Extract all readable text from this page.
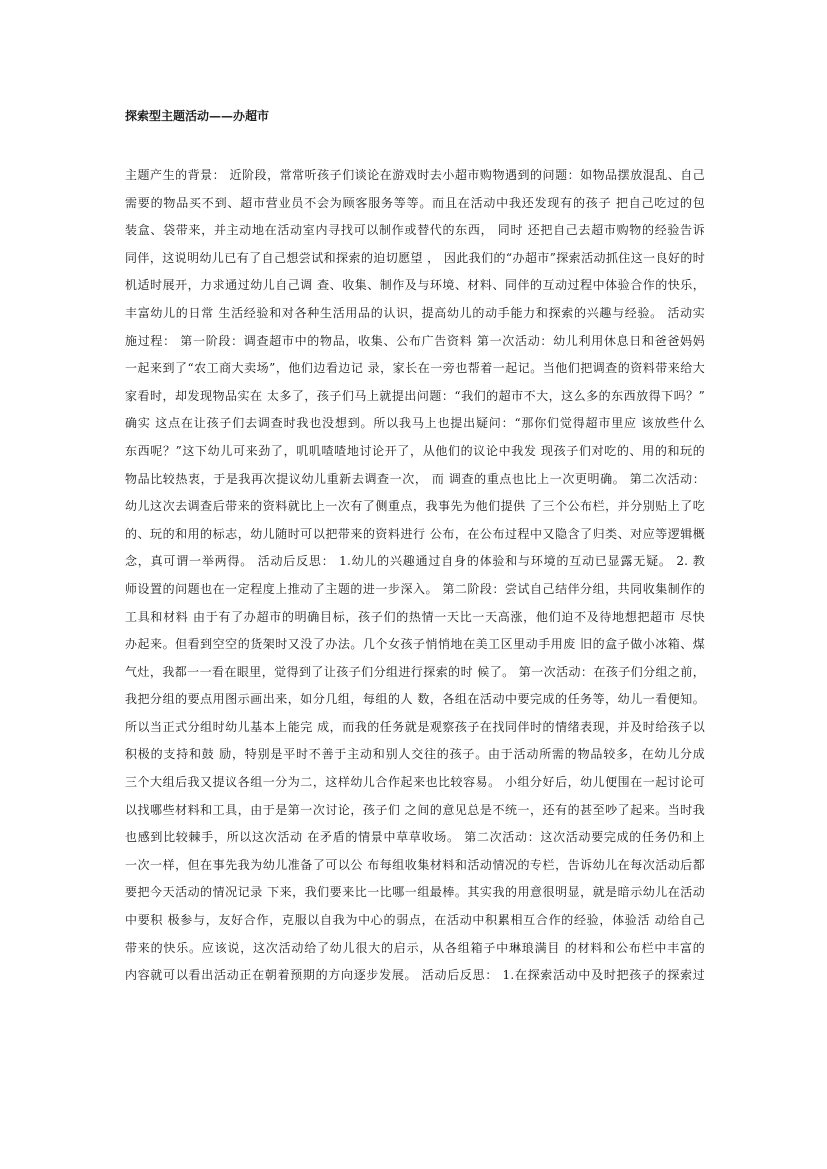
探索型主题活动——办超市
主题产生的背景： 近阶段，常常听孩子们谈论在游戏时去小超市购物遇到的问题：如物品摆放混乱、自己
需要的物品买不到、超市营业员不会为顾客服务等等。而且在活动中我还发现有的孩子 把自己吃过的包
装盒、袋带来，并主动地在活动室内寻找可以制作或替代的东西， 同时 还把自己去超市购物的经验告诉
同伴，这说明幼儿已有了自己想尝试和探索的迫切愿望 ， 因此我们的“办超市”探索活动抓住这一良好的时
机适时展开，力求通过幼儿自己调 查、收集、制作及与环境、材料、同伴的互动过程中体验合作的快乐，
丰富幼儿的日常 生活经验和对各种生活用品的认识，提高幼儿的动手能力和探索的兴趣与经验。 活动实
施过程： 第一阶段：调查超市中的物品，收集、公布广告资料 第一次活动：幼儿利用休息日和爸爸妈妈
一起来到了“农工商大卖场”，他们边看边记 录，家长在一旁也帮着一起记。当他们把调查的资料带来给大
家看时，却发现物品实在 太多了，孩子们马上就提出问题：“我们的超市不大，这么多的东西放得下吗？”
确实 这点在让孩子们去调查时我也没想到。所以我马上也提出疑问：“那你们觉得超市里应 该放些什么
东西呢？”这下幼儿可来劲了，叽叽喳喳地讨论开了，从他们的议论中我发 现孩子们对吃的、用的和玩的
物品比较热衷，于是我再次提议幼儿重新去调查一次， 而 调查的重点也比上一次更明确。 第二次活动：
幼儿这次去调查后带来的资料就比上一次有了侧重点，我事先为他们提供 了三个公布栏，并分别贴上了吃
的、玩的和用的标志，幼儿随时可以把带来的资料进行 公布，在公布过程中又隐含了归类、对应等逻辑概
念，真可谓一举两得。 活动后反思： 1.幼儿的兴趣通过自身的体验和与环境的互动已显露无疑。 2. 教
师设置的问题也在一定程度上推动了主题的进一步深入。 第二阶段：尝试自己结伴分组，共同收集制作的
工具和材料 由于有了办超市的明确目标，孩子们的热情一天比一天高涨，他们迫不及待地想把超市 尽快
办起来。但看到空空的货架时又没了办法。几个女孩子悄悄地在美工区里动手用废 旧的盒子做小冰箱、煤
气灶，我都一一看在眼里，觉得到了让孩子们分组进行探索的时 候了。 第一次活动：在孩子们分组之前，
我把分组的要点用图示画出来，如分几组，每组的人 数，各组在活动中要完成的任务等，幼儿一看便知。
所以当正式分组时幼儿基本上能完 成，而我的任务就是观察孩子在找同伴时的情绪表现，并及时给孩子以
积极的支持和鼓 励，特别是平时不善于主动和别人交往的孩子。由于活动所需的物品较多，在幼儿分成
三个大组后我又提议各组一分为二，这样幼儿合作起来也比较容易。 小组分好后，幼儿便围在一起讨论可
以找哪些材料和工具，由于是第一次讨论，孩子们 之间的意见总是不统一，还有的甚至吵了起来。当时我
也感到比较棘手，所以这次活动 在矛盾的情景中草草收场。 第二次活动：这次活动要完成的任务仍和上
一次一样，但在事先我为幼儿准备了可以公 布每组收集材料和活动情况的专栏，告诉幼儿在每次活动后都
要把今天活动的情况记录 下来，我们要来比一比哪一组最棒。其实我的用意很明显，就是暗示幼儿在活动
中要积 极参与，友好合作，克服以自我为中心的弱点，在活动中积累相互合作的经验，体验活 动给自己
带来的快乐。应该说，这次活动给了幼儿很大的启示，从各组箱子中琳琅满目 的材料和公布栏中丰富的
内容就可以看出活动正在朝着预期的方向逐步发展。 活动后反思： 1.在探索活动中及时把孩子的探索过
